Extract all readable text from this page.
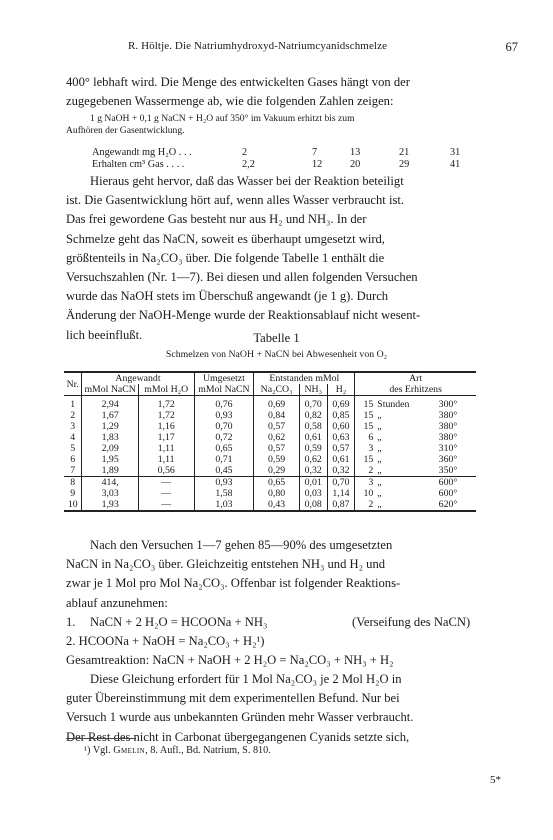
R. Höltje. Die Natriumhydroxyd-Natriumcyanidschmelze	67
400° lebhaft wird. Die Menge des entwickelten Gases hängt von der
zugegebenen Wassermenge ab, wie die folgenden Zahlen zeigen:
1 g NaOH + 0,1 g NaCN + H₂O auf 350° im Vakuum erhitzt bis zum
Aufhören der Gasentwicklung.
Angewandt mg H₂O . . .	2	7	13	21	31
Erhalten cm³ Gas . . . .	2,2	12	20	29	41
Hieraus geht hervor, daß das Wasser bei der Reaktion beteiligt
ist. Die Gasentwicklung hört auf, wenn alles Wasser verbraucht ist.
Das frei gewordene Gas besteht nur aus H₂ und NH₃. In der
Schmelze geht das NaCN, soweit es überhaupt umgesetzt wird,
größtenteils in Na₂CO₃ über. Die folgende Tabelle 1 enthält die
Versuchszahlen (Nr. 1—7). Bei diesen und allen folgenden Versuchen
wurde das NaOH stets im Überschuß angewandt (je 1 g). Durch
Änderung der NaOH-Menge wurde der Reaktionsablauf nicht wesent-
lich beeinflußt.	Tabelle 1
Schmelzen von NaOH + NaCN bei Abwesenheit von O₂
Nr.	Angewandt		Umgesetzt	Entstanden mMol			Art
	mMol NaCN	mMol H₂O	mMol NaCN	Na₂CO₃	NH₃	H₂	des Erhitzens
1	2,94	1,72	0,76	0,69	0,70	0,69	15 Stunden 300°
2	1,67	1,72	0,93	0,84	0,82	0,85	15 „ 380°
3	1,29	1,16	0,70	0,57	0,58	0,60	15 „ 380°
4	1,83	1,17	0,72	0,62	0,61	0,63	6 „ 380°
5	2,09	1,11	0,65	0,57	0,59	0,57	3 „ 310°
6	1,95	1,11	0,71	0,59	0,62	0,61	15 „ 360°
7	1,89	0,56	0,45	0,29	0,32	0,32	2 „ 350°
8	414,	—	0,93	0,65	0,01	0,70	3 „ 600°
9	3,03	—	1,58	0,80	0,03	1,14	10 „ 600°
10	1,93	—	1,03	0,43	0,08	0,87	2 „ 620°
Nach den Versuchen 1—7 gehen 85—90% des umgesetzten
NaCN in Na₂CO₃ über. Gleichzeitig entstehen NH₃ und H₂ und
zwar je 1 Mol pro Mol Na₂CO₃. Offenbar ist folgender Reaktions-
ablauf anzunehmen:
1. NaCN + 2 H₂O = HCOONa + NH₃	(Verseifung des NaCN)
2. HCOONa + NaOH = Na₂CO₃ + H₂¹)
Gesamtreaktion: NaCN + NaOH + 2 H₂O = Na₂CO₃ + NH₃ + H₂
Diese Gleichung erfordert für 1 Mol Na₂CO₃ je 2 Mol H₂O in
guter Übereinstimmung mit dem experimentellen Befund. Nur bei
Versuch 1 wurde aus unbekannten Gründen mehr Wasser verbraucht.
Der Rest des nicht in Carbonat übergegangenen Cyanids setzte sich,
¹) Vgl. Gmelin, 8. Aufl., Bd. Natrium, S. 810.
5*
